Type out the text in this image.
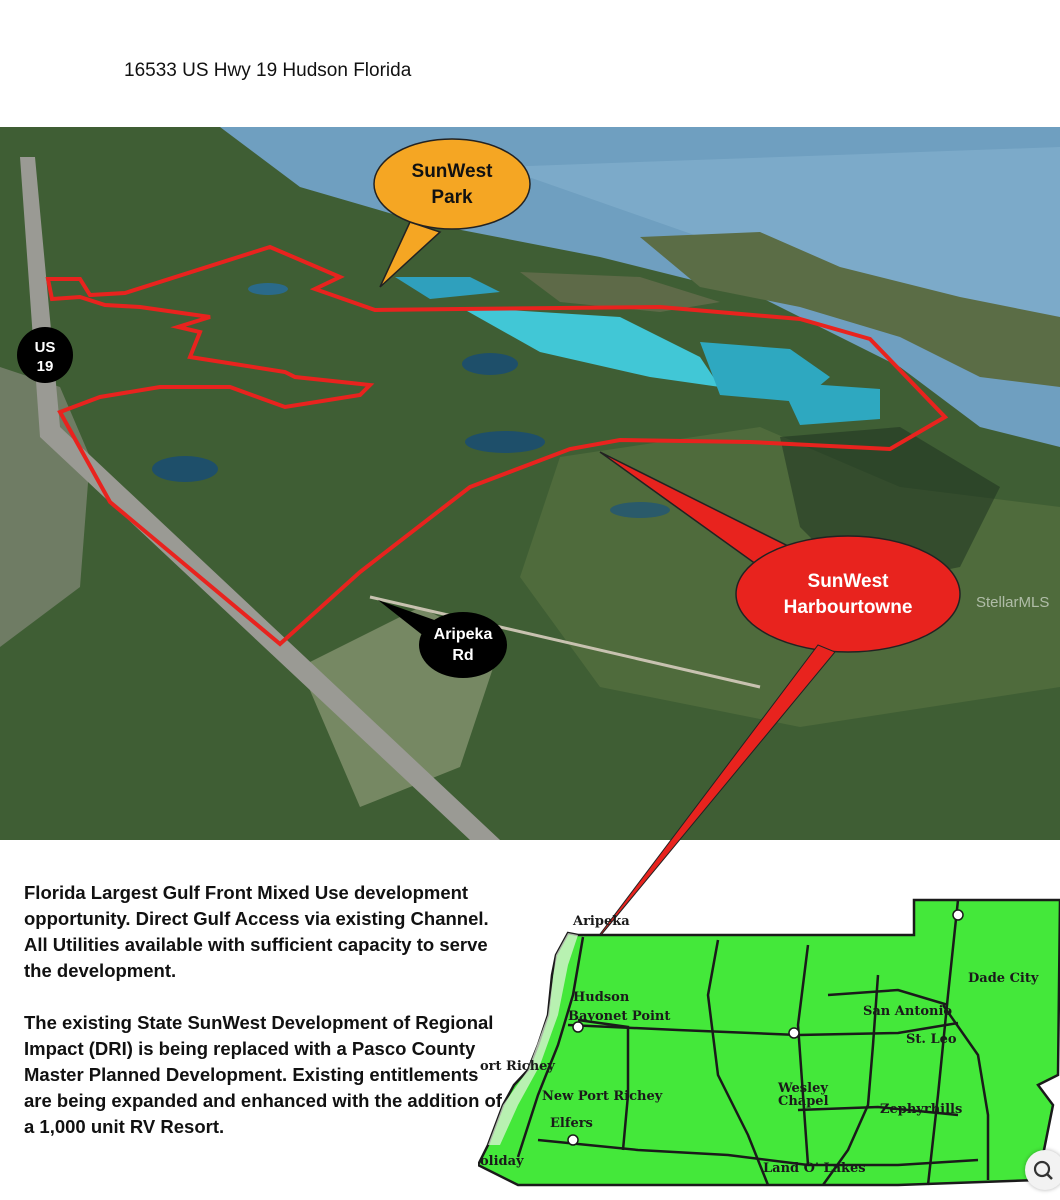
16533 US Hwy 19 Hudson Florida
SunWest
Park
SunWest
Harbourtowne
Aripeka
Rd
US
19
StellarMLS

Florida Largest Gulf Front Mixed Use development opportunity. Direct Gulf Access via existing Channel. All Utilities available with sufficient capacity to serve the development.

The existing State SunWest Development of Regional Impact (DRI) is being replaced with a Pasco County Master Planned Development. Existing entitlements are being expanded and enhanced with the addition of a 1,000 unit RV Resort.

Aripeka
Hudson
Bayonet Point
ort Richey
New Port Richey
Elfers
oliday
Wesley
Chapel
Land O' Lakes
Zephyrhills
San Antonio
St. Leo
Dade City
